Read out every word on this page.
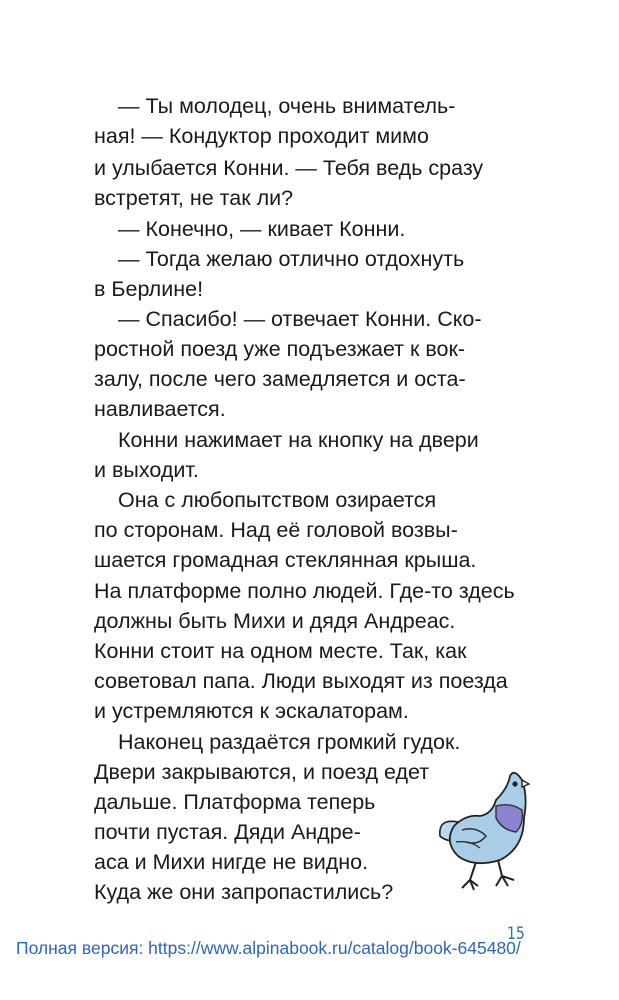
— Ты молодец, очень вниматель-

ная! — Кондуктор проходит мимо

и улыбается Конни. — Тебя ведь сразу

встретят, не так ли?

— Конечно, — кивает Конни.

— Тогда желаю отлично отдохнуть

в Берлине!

— Спасибо! — отвечает Конни. Ско-

ростной поезд уже подъезжает к вок-

залу, после чего замедляется и оста-

навливается.

Конни нажимает на кнопку на двери

и выходит.

Она с любопытством озирается

по сторонам. Над её головой возвы-

шается громадная стеклянная крыша.

На платформе полно людей. Где-то здесь

должны быть Михи и дядя Андреас.

Конни стоит на одном месте. Так, как

советовал папа. Люди выходят из поезда

и устремляются к эскалаторам.

Наконец раздаётся громкий гудок.

Двери закрываются, и поезд едет

дальше. Платформа теперь

почти пустая. Дяди Андре-

аса и Михи нигде не видно.

Куда же они запропастились?

15
Полная версия: https://www.alpinabook.ru/catalog/book-645480/
